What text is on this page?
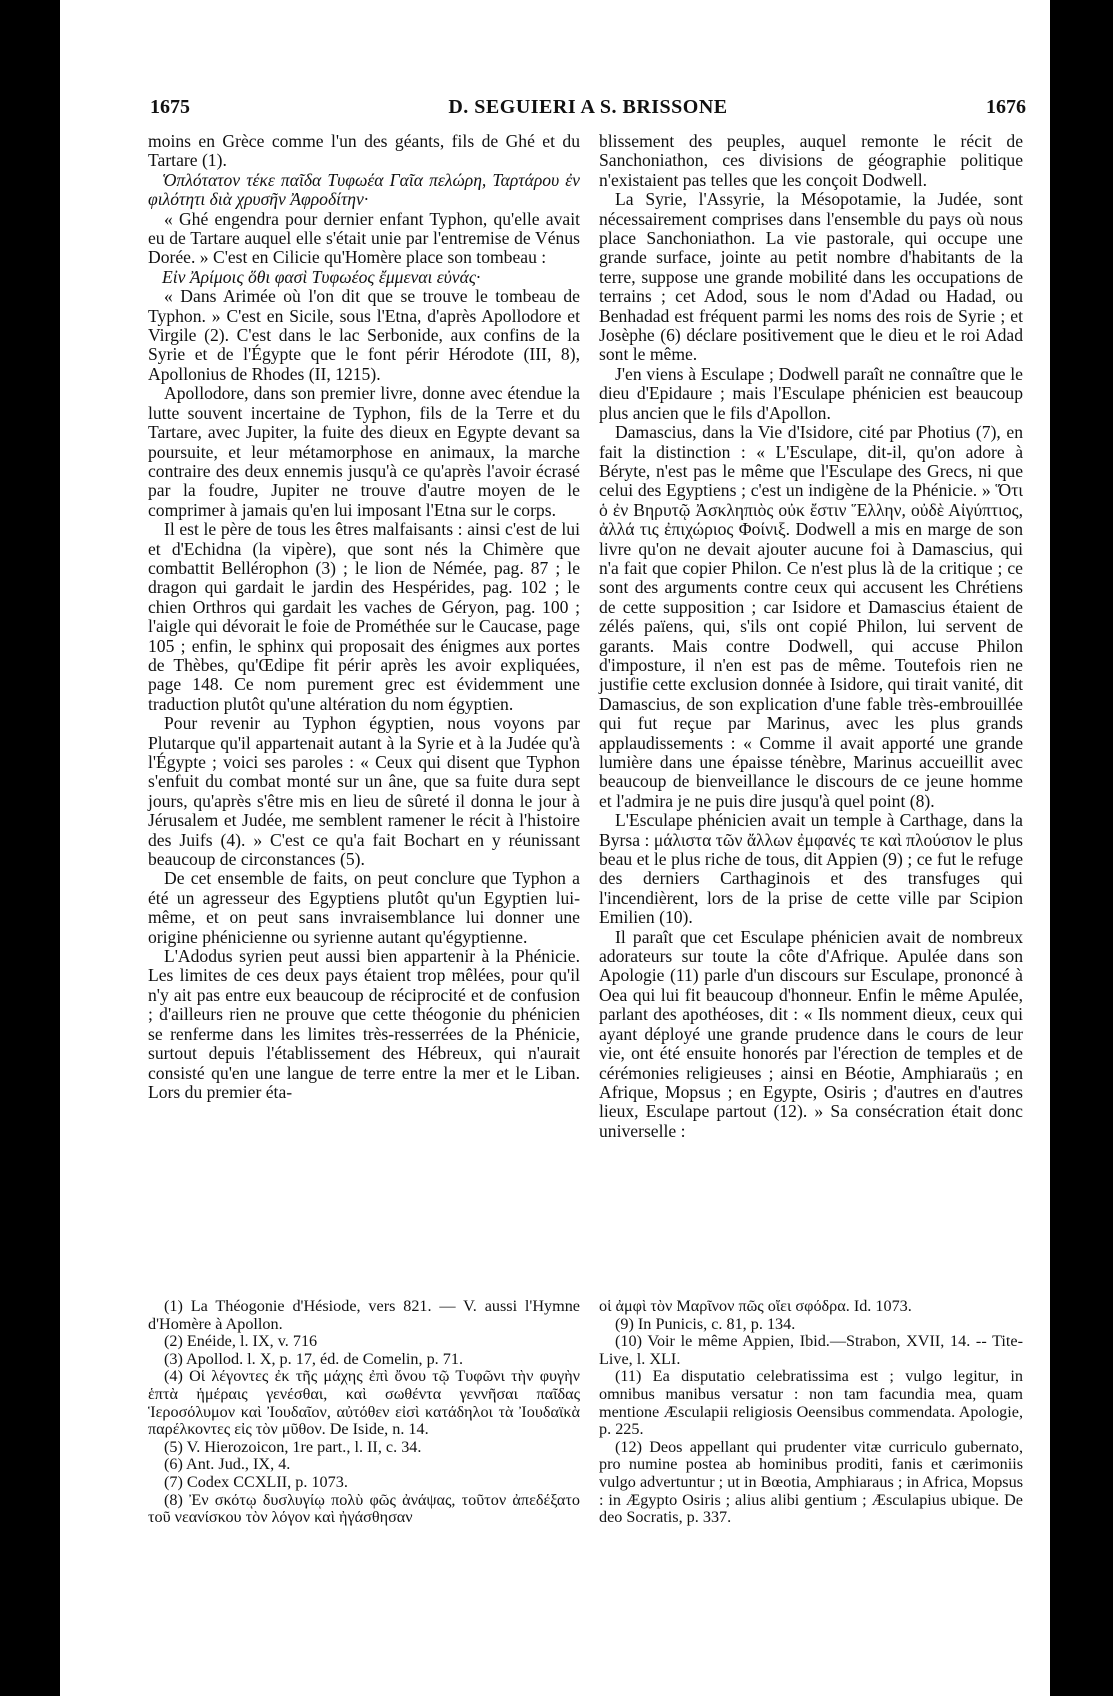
1675	D. SEGUIERI A S. BRISSONE	1676

moins en Grèce comme l'un des géants, fils de Ghé et du Tartare (1).

Ὁπλότατον τέκε παῖδα Τυφωέα Γαῖα πελώρη, Ταρτάρου ἐν φιλότητι διὰ χρυσῆν Ἀφροδίτην·

« Ghé engendra pour dernier enfant Typhon, qu'elle avait eu de Tartare auquel elle s'était unie par l'entremise de Vénus Dorée. » C'est en Cilicie qu'Homère place son tombeau :

Εἰν Ἀρίμοις ὅθι φασὶ Τυφωέος ἔμμεναι εὐνάς·

« Dans Arimée où l'on dit que se trouve le tombeau de Typhon. » C'est en Sicile, sous l'Etna, d'après Apollodore et Virgile (2). C'est dans le lac Serbonide, aux confins de la Syrie et de l'Égypte que le font périr Hérodote (III, 8), Apollonius de Rhodes (II, 1215).

Apollodore, dans son premier livre, donne avec étendue la lutte souvent incertaine de Typhon, fils de la Terre et du Tartare, avec Jupiter, la fuite des dieux en Egypte devant sa poursuite, et leur métamorphose en animaux, la marche contraire des deux ennemis jusqu'à ce qu'après l'avoir écrasé par la foudre, Jupiter ne trouve d'autre moyen de le comprimer à jamais qu'en lui imposant l'Etna sur le corps.

Il est le père de tous les êtres malfaisants : ainsi c'est de lui et d'Echidna (la vipère), que sont nés la Chimère que combattit Bellérophon (3) ; le lion de Némée, pag. 87 ; le dragon qui gardait le jardin des Hespérides, pag. 102 ; le chien Orthros qui gardait les vaches de Géryon, pag. 100 ; l'aigle qui dévorait le foie de Prométhée sur le Caucase, page 105 ; enfin, le sphinx qui proposait des énigmes aux portes de Thèbes, qu'Œdipe fit périr après les avoir expliquées, page 148. Ce nom purement grec est évidemment une traduction plutôt qu'une altération du nom égyptien.

Pour revenir au Typhon égyptien, nous voyons par Plutarque qu'il appartenait autant à la Syrie et à la Judée qu'à l'Égypte ; voici ses paroles : « Ceux qui disent que Typhon s'enfuit du combat monté sur un âne, que sa fuite dura sept jours, qu'après s'être mis en lieu de sûreté il donna le jour à Jérusalem et Judée, me semblent ramener le récit à l'histoire des Juifs (4). » C'est ce qu'a fait Bochart en y réunissant beaucoup de circonstances (5).

De cet ensemble de faits, on peut conclure que Typhon a été un agresseur des Egyptiens plutôt qu'un Egyptien lui-même, et on peut sans invraisemblance lui donner une origine phénicienne ou syrienne autant qu'égyptienne.

L'Adodus syrien peut aussi bien appartenir à la Phénicie. Les limites de ces deux pays étaient trop mêlées, pour qu'il n'y ait pas entre eux beaucoup de réciprocité et de confusion ; d'ailleurs rien ne prouve que cette théogonie du phénicien se renferme dans les limites très-resserrées de la Phénicie, surtout depuis l'établissement des Hébreux, qui n'aurait consisté qu'en une langue de terre entre la mer et le Liban. Lors du premier éta-

blissement des peuples, auquel remonte le récit de Sanchoniathon, ces divisions de géographie politique n'existaient pas telles que les conçoit Dodwell.

La Syrie, l'Assyrie, la Mésopotamie, la Judée, sont nécessairement comprises dans l'ensemble du pays où nous place Sanchoniathon. La vie pastorale, qui occupe une grande surface, jointe au petit nombre d'habitants de la terre, suppose une grande mobilité dans les occupations de terrains ; cet Adod, sous le nom d'Adad ou Hadad, ou Benhadad est fréquent parmi les noms des rois de Syrie ; et Josèphe (6) déclare positivement que le dieu et le roi Adad sont le même.

J'en viens à Esculape ; Dodwell paraît ne connaître que le dieu d'Epidaure ; mais l'Esculape phénicien est beaucoup plus ancien que le fils d'Apollon.

Damascius, dans la Vie d'Isidore, cité par Photius (7), en fait la distinction : « L'Esculape, dit-il, qu'on adore à Béryte, n'est pas le même que l'Esculape des Grecs, ni que celui des Egyptiens ; c'est un indigène de la Phénicie. » Ὅτι ὁ ἐν Βηρυτῷ Ἀσκληπιὸς οὐκ ἔστιν Ἕλλην, οὐδὲ Αἰγύπτιος, ἀλλά τις ἐπιχώριος Φοίνιξ. Dodwell a mis en marge de son livre qu'on ne devait ajouter aucune foi à Damascius, qui n'a fait que copier Philon. Ce n'est plus là de la critique ; ce sont des arguments contre ceux qui accusent les Chrétiens de cette supposition ; car Isidore et Damascius étaient de zélés païens, qui, s'ils ont copié Philon, lui servent de garants. Mais contre Dodwell, qui accuse Philon d'imposture, il n'en est pas de même. Toutefois rien ne justifie cette exclusion donnée à Isidore, qui tirait vanité, dit Damascius, de son explication d'une fable très-embrouillée qui fut reçue par Marinus, avec les plus grands applaudissements : « Comme il avait apporté une grande lumière dans une épaisse ténèbre, Marinus accueillit avec beaucoup de bienveillance le discours de ce jeune homme et l'admira je ne puis dire jusqu'à quel point (8).

L'Esculape phénicien avait un temple à Carthage, dans la Byrsa : μάλιστα τῶν ἄλλων ἐμφανές τε καὶ πλούσιον le plus beau et le plus riche de tous, dit Appien (9) ; ce fut le refuge des derniers Carthaginois et des transfuges qui l'incendièrent, lors de la prise de cette ville par Scipion Emilien (10).

Il paraît que cet Esculape phénicien avait de nombreux adorateurs sur toute la côte d'Afrique. Apulée dans son Apologie (11) parle d'un discours sur Esculape, prononcé à Oea qui lui fit beaucoup d'honneur. Enfin le même Apulée, parlant des apothéoses, dit : « Ils nomment dieux, ceux qui ayant déployé une grande prudence dans le cours de leur vie, ont été ensuite honorés par l'érection de temples et de cérémonies religieuses ; ainsi en Béotie, Amphiaraüs ; en Afrique, Mopsus ; en Egypte, Osiris ; d'autres en d'autres lieux, Esculape partout (12). » Sa consécration était donc universelle :

(1) La Théogonie d'Hésiode, vers 821. — V. aussi l'Hymne d'Homère à Apollon.

(2) Enéide, l. IX, v. 716

(3) Apollod. l. X, p. 17, éd. de Comelin, p. 71.

(4) Οἱ λέγοντες ἐκ τῆς μάχης ἐπὶ ὄνου τῷ Τυφῶνι τὴν φυγὴν ἑπτὰ ἡμέραις γενέσθαι, καὶ σωθέντα γεννῆσαι παῖδας Ἱεροσόλυμον καὶ Ἰουδαῖον, αὐτόθεν εἰσὶ κατάδηλοι τὰ Ἰουδαϊκὰ παρέλκοντες εἰς τὸν μῦθον. De Iside, n. 14.

(5) V. Hierozoicon, 1re part., l. II, c. 34.

(6) Ant. Jud., IX, 4.

(7) Codex CCXLII, p. 1073.

(8) Ἐν σκότῳ δυσλυγίῳ πολὺ φῶς ἀνάψας, τοῦτον ἀπεδέξατο τοῦ νεανίσκου τὸν λόγον καὶ ἠγάσθησαν

οἱ ἀμφὶ τὸν Μαρῖνον πῶς οἴει σφόδρα. Id. 1073.

(9) In Punicis, c. 81, p. 134.

(10) Voir le même Appien, Ibid.—Strabon, XVII, 14. -- Tite-Live, l. XLI.

(11) Ea disputatio celebratissima est ; vulgo legitur, in omnibus manibus versatur : non tam facundia mea, quam mentione Æsculapii religiosis Oeensibus commendata. Apologie, p. 225.

(12) Deos appellant qui prudenter vitæ curriculo gubernato, pro numine postea ab hominibus proditi, fanis et cærimoniis vulgo advertuntur ; ut in Bœotia, Amphiaraus ; in Africa, Mopsus : in Ægypto Osiris ; alius alibi gentium ; Æsculapius ubique. De deo Socratis, p. 337.
